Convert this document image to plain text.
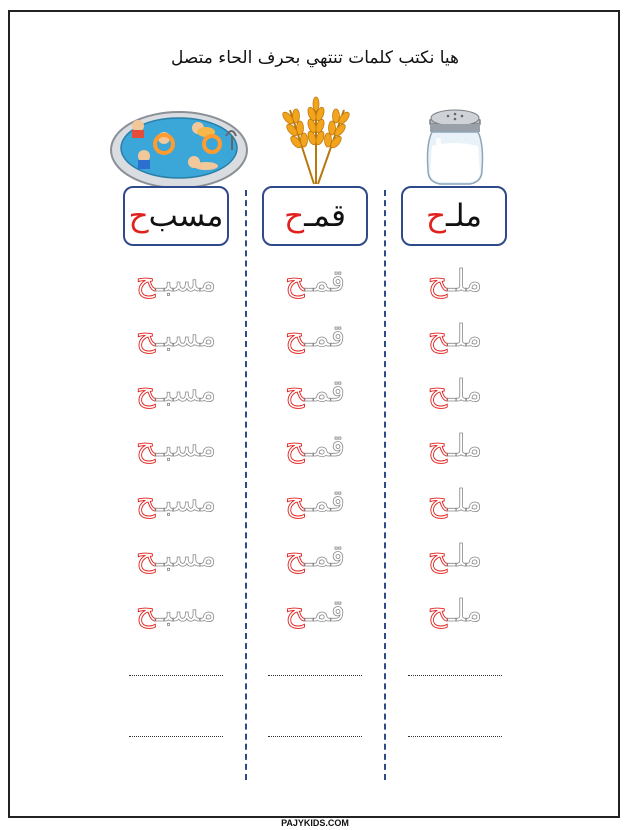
هيا نكتب كلمات تنتهي بحرف الحاء متصل
مسب
ح	قمـ
ح	ملـ
ح
مسبـح
مسبـح
مسبـح
مسبـح
مسبـح
مسبـح
مسبـح
قمـح
قمـح
قمـح
قمـح
قمـح
قمـح
قمـح
ملـح
ملـح
ملـح
ملـح
ملـح
ملـح
ملـح
PAJYKIDS.COM
